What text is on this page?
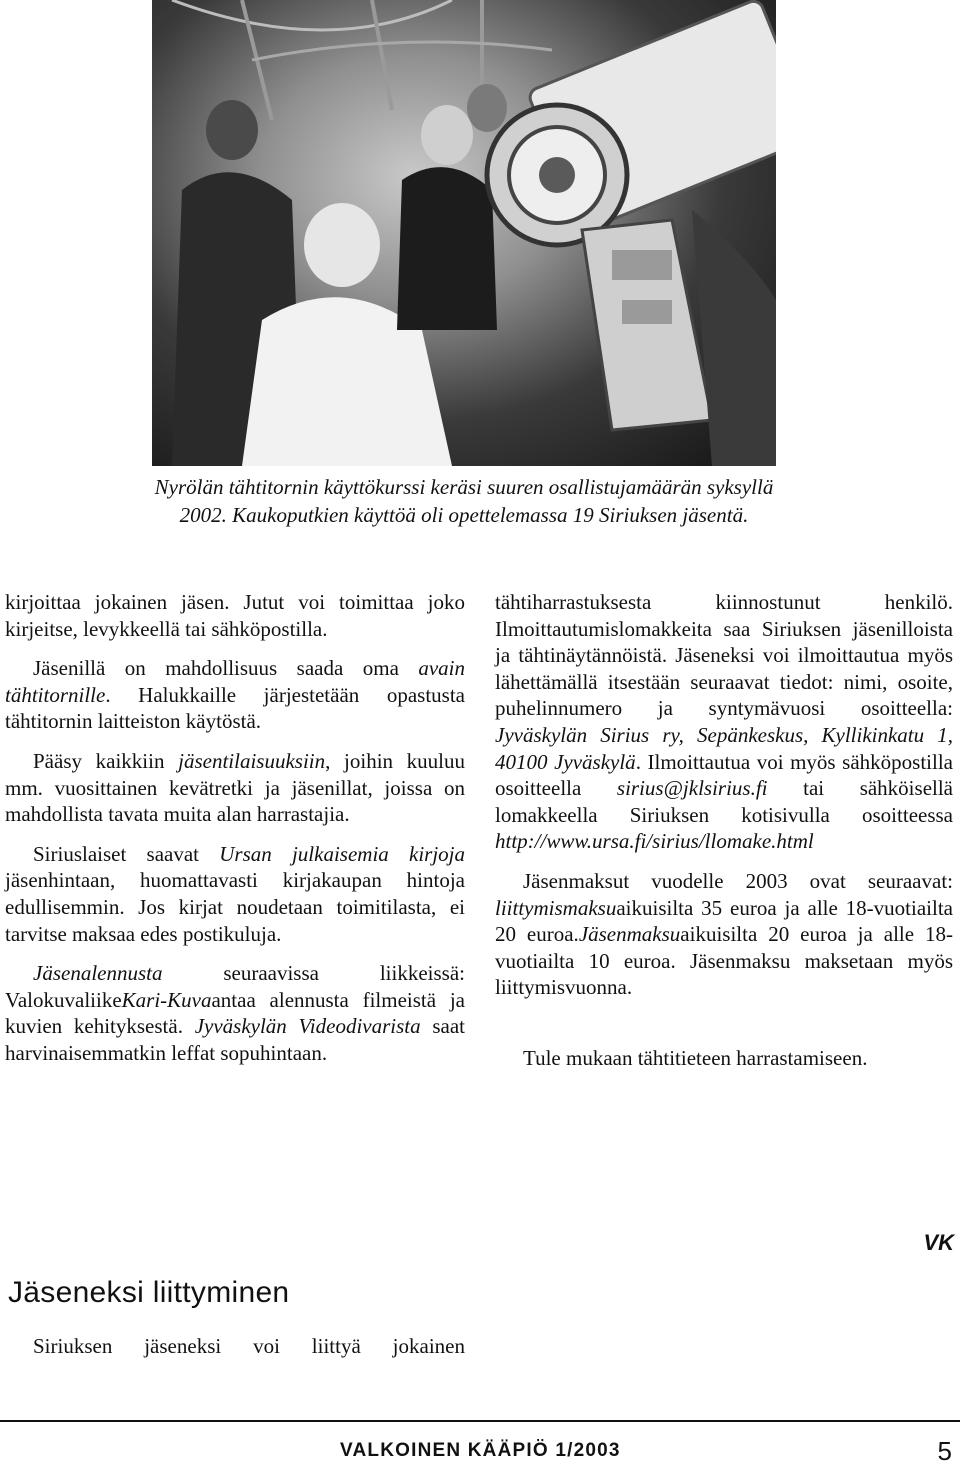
Nyrölän tähtitornin käyttökurssi keräsi suuren osallistujamäärän syksyllä 2002. Kaukoputkien käyttöä oli opettelemassa 19 Siriuksen jäsentä.

kirjoittaa jokainen jäsen. Jutut voi toimittaa joko kirjeitse, levykkeellä tai sähköpostilla.

Jäsenillä on mahdollisuus saada oma avain tähtitornille. Halukkaille järjestetään opastusta tähtitornin laitteiston käytöstä.

Pääsy kaikkiin jäsentilaisuuksiin, joihin kuuluu mm. vuosittainen kevätretki ja jäsenillat, joissa on mahdollista tavata muita alan harrastajia.

Siriuslaiset saavat Ursan julkaisemia kirjoja jäsenhintaan, huomattavasti kirjakaupan hintoja edullisemmin. Jos kirjat noudetaan toimitilasta, ei tarvitse maksaa edes postikuluja.

Jäsenalennusta	seuraavissa liikkeissä: ValokuvaliikeKari-Kuvaantaa alennusta filmeistä ja kuvien kehityksestä. Jyväskylän Videodivarista saat harvinaisemmatkin leffat sopuhintaan.

tähtiharrastuksesta kiinnostunut henkilö. Ilmoittautumislomakkeita saa Siriuksen jäsenilloista ja tähtinäytännöistä. Jäseneksi voi ilmoittautua myös lähettämällä itsestään seuraavat tiedot: nimi, osoite, puhelinnumero ja syntymävuosi osoitteella: Jyväskylän Sirius ry, Sepänkeskus, Kyllikinkatu 1, 40100 Jyväskylä. Ilmoittautua voi myös sähköpostilla osoitteella sirius@jklsirius.fi tai sähköisellä lomakkeella Siriuksen kotisivulla osoitteessa http://www.ursa.fi/sirius/llomake.html

Jäsenmaksut vuodelle 2003 ovat seuraavat: liittymismaksuaikuisilta 35 euroa ja alle 18-vuotiailta 20 euroa.Jäsenmaksuaikuisilta 20 euroa ja alle 18-vuotiailta 10 euroa. Jäsenmaksu maksetaan myös liittymisvuonna.

Tule mukaan tähtitieteen harrastamiseen.

VK
Jäseneksi liittyminen
Siriuksen jäseneksi voi liittyä jokainen
VALKOINEN KÄÄPIÖ 1/2003	5
